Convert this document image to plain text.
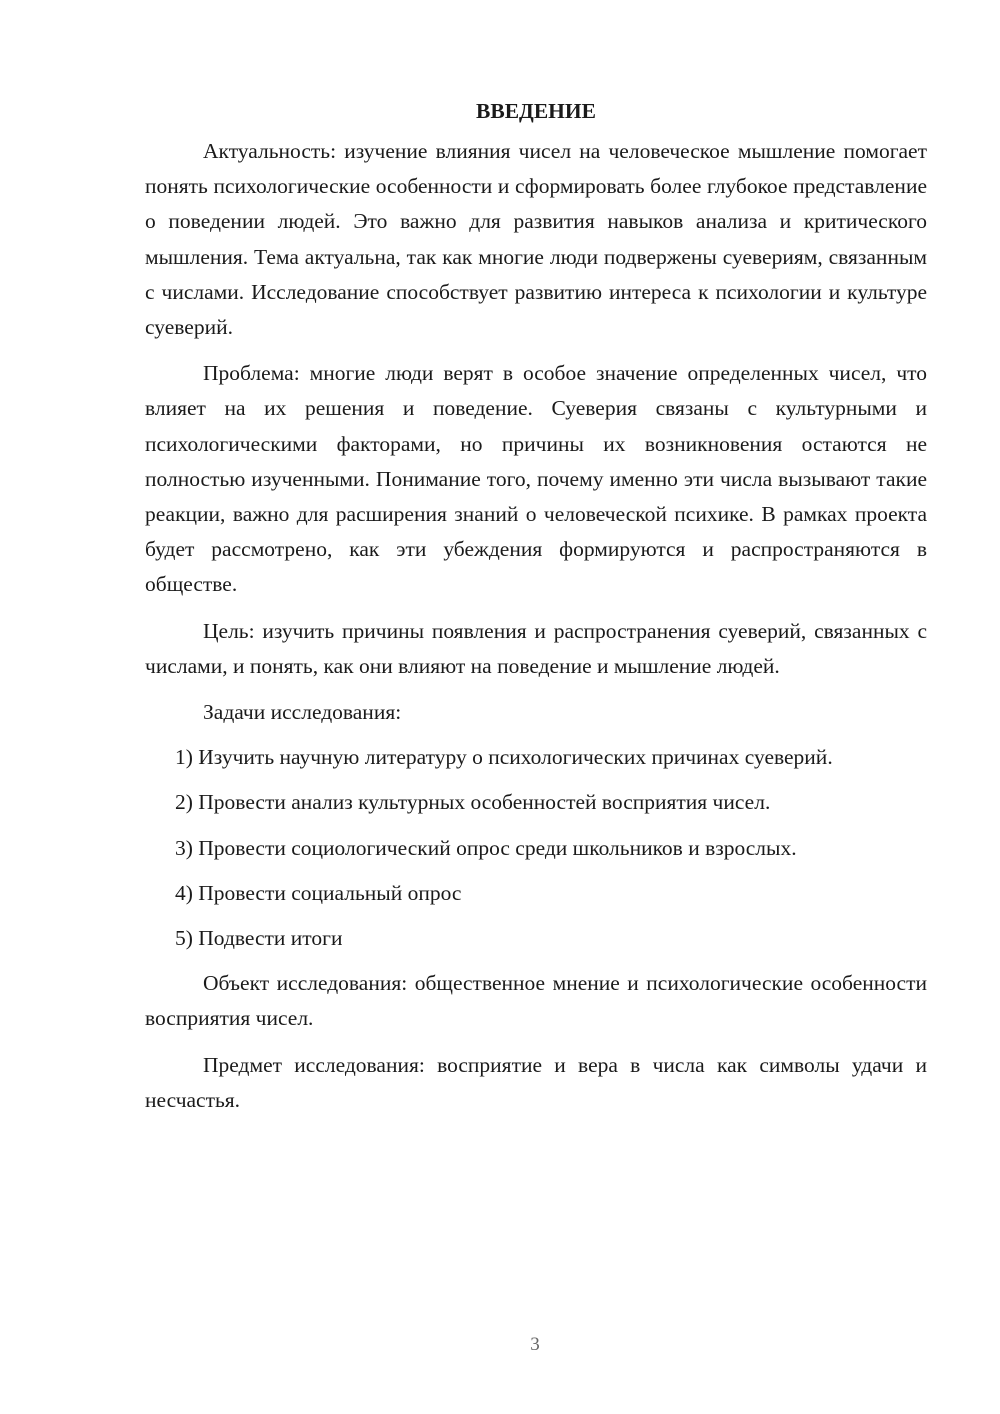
ВВЕДЕНИЕ

Актуальность: изучение влияния чисел на человеческое мышление помогает понять психологические особенности и сформировать более глубокое представление о поведении людей. Это важно для развития навыков анализа и критического мышления. Тема актуальна, так как многие люди подвержены суевериям, связанным с числами. Исследование способствует развитию интереса к психологии и культуре суеверий.

Проблема: многие люди верят в особое значение определенных чисел, что влияет на их решения и поведение. Суеверия связаны с культурными и психологическими факторами, но причины их возникновения остаются не полностью изученными. Понимание того, почему именно эти числа вызывают такие реакции, важно для расширения знаний о человеческой психике. В рамках проекта будет рассмотрено, как эти убеждения формируются и распространяются в обществе.

Цель: изучить причины появления и распространения суеверий, связанных с числами, и понять, как они влияют на поведение и мышление людей.

Задачи исследования:

1) Изучить научную литературу о психологических причинах суеверий.

2) Провести анализ культурных особенностей восприятия чисел.

3) Провести социологический опрос среди школьников и взрослых.

4) Провести социальный опрос

5) Подвести итоги

Объект исследования: общественное мнение и психологические особенности восприятия чисел.

Предмет исследования: восприятие и вера в числа как символы удачи и несчастья.

3
